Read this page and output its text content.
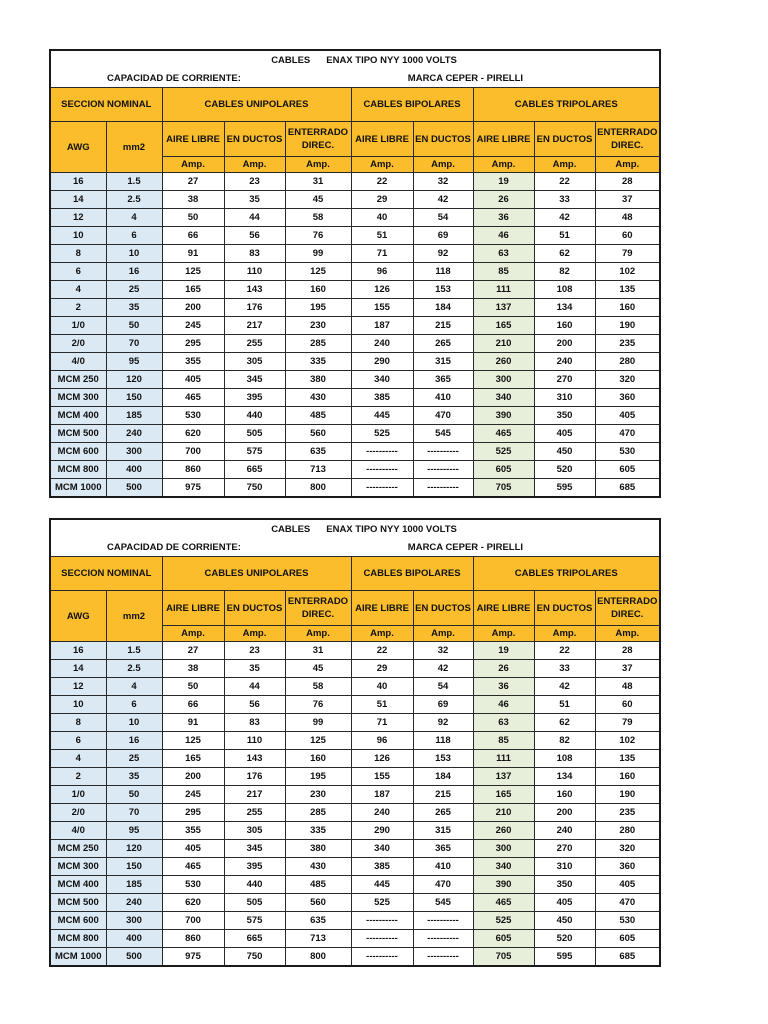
CABLES ENAX TIPO NYY 1000 VOLTS									

CAPACIDAD DE CORRIENTE: MARCA CEPER - PIRELLI									

SECCION NOMINAL		CABLES UNIPOLARES			CABLES BIPOLARES		CABLES TRIPOLARES		
AWG	mm2	AIRE LIBRE	EN DUCTOS	ENTERRADO DIREC.	AIRE LIBRE	EN DUCTOS	AIRE LIBRE	EN DUCTOS	ENTERRADO DIREC.
		Amp.	Amp.	Amp.	Amp.	Amp.	Amp.	Amp.	Amp.
16	1.5	27	23	31	22	32	19	22	28
14	2.5	38	35	45	29	42	26	33	37
12	4	50	44	58	40	54	36	42	48
10	6	66	56	76	51	69	46	51	60
8	10	91	83	99	71	92	63	62	79
6	16	125	110	125	96	118	85	82	102
4	25	165	143	160	126	153	111	108	135
2	35	200	176	195	155	184	137	134	160
1/0	50	245	217	230	187	215	165	160	190
2/0	70	295	255	285	240	265	210	200	235
4/0	95	355	305	335	290	315	260	240	280
MCM 250	120	405	345	380	340	365	300	270	320
MCM 300	150	465	395	430	385	410	340	310	360
MCM 400	185	530	440	485	445	470	390	350	405
MCM 500	240	620	505	560	525	545	465	405	470
MCM 600	300	700	575	635	----------	----------	525	450	530
MCM 800	400	860	665	713	----------	----------	605	520	605
MCM 1000	500	975	750	800	----------	----------	705	595	685
CABLES ENAX TIPO NYY 1000 VOLTS									

CAPACIDAD DE CORRIENTE: MARCA CEPER - PIRELLI									

SECCION NOMINAL		CABLES UNIPOLARES			CABLES BIPOLARES		CABLES TRIPOLARES		
AWG	mm2	AIRE LIBRE	EN DUCTOS	ENTERRADO DIREC.	AIRE LIBRE	EN DUCTOS	AIRE LIBRE	EN DUCTOS	ENTERRADO DIREC.
		Amp.	Amp.	Amp.	Amp.	Amp.	Amp.	Amp.	Amp.
16	1.5	27	23	31	22	32	19	22	28
14	2.5	38	35	45	29	42	26	33	37
12	4	50	44	58	40	54	36	42	48
10	6	66	56	76	51	69	46	51	60
8	10	91	83	99	71	92	63	62	79
6	16	125	110	125	96	118	85	82	102
4	25	165	143	160	126	153	111	108	135
2	35	200	176	195	155	184	137	134	160
1/0	50	245	217	230	187	215	165	160	190
2/0	70	295	255	285	240	265	210	200	235
4/0	95	355	305	335	290	315	260	240	280
MCM 250	120	405	345	380	340	365	300	270	320
MCM 300	150	465	395	430	385	410	340	310	360
MCM 400	185	530	440	485	445	470	390	350	405
MCM 500	240	620	505	560	525	545	465	405	470
MCM 600	300	700	575	635	----------	----------	525	450	530
MCM 800	400	860	665	713	----------	----------	605	520	605
MCM 1000	500	975	750	800	----------	----------	705	595	685
